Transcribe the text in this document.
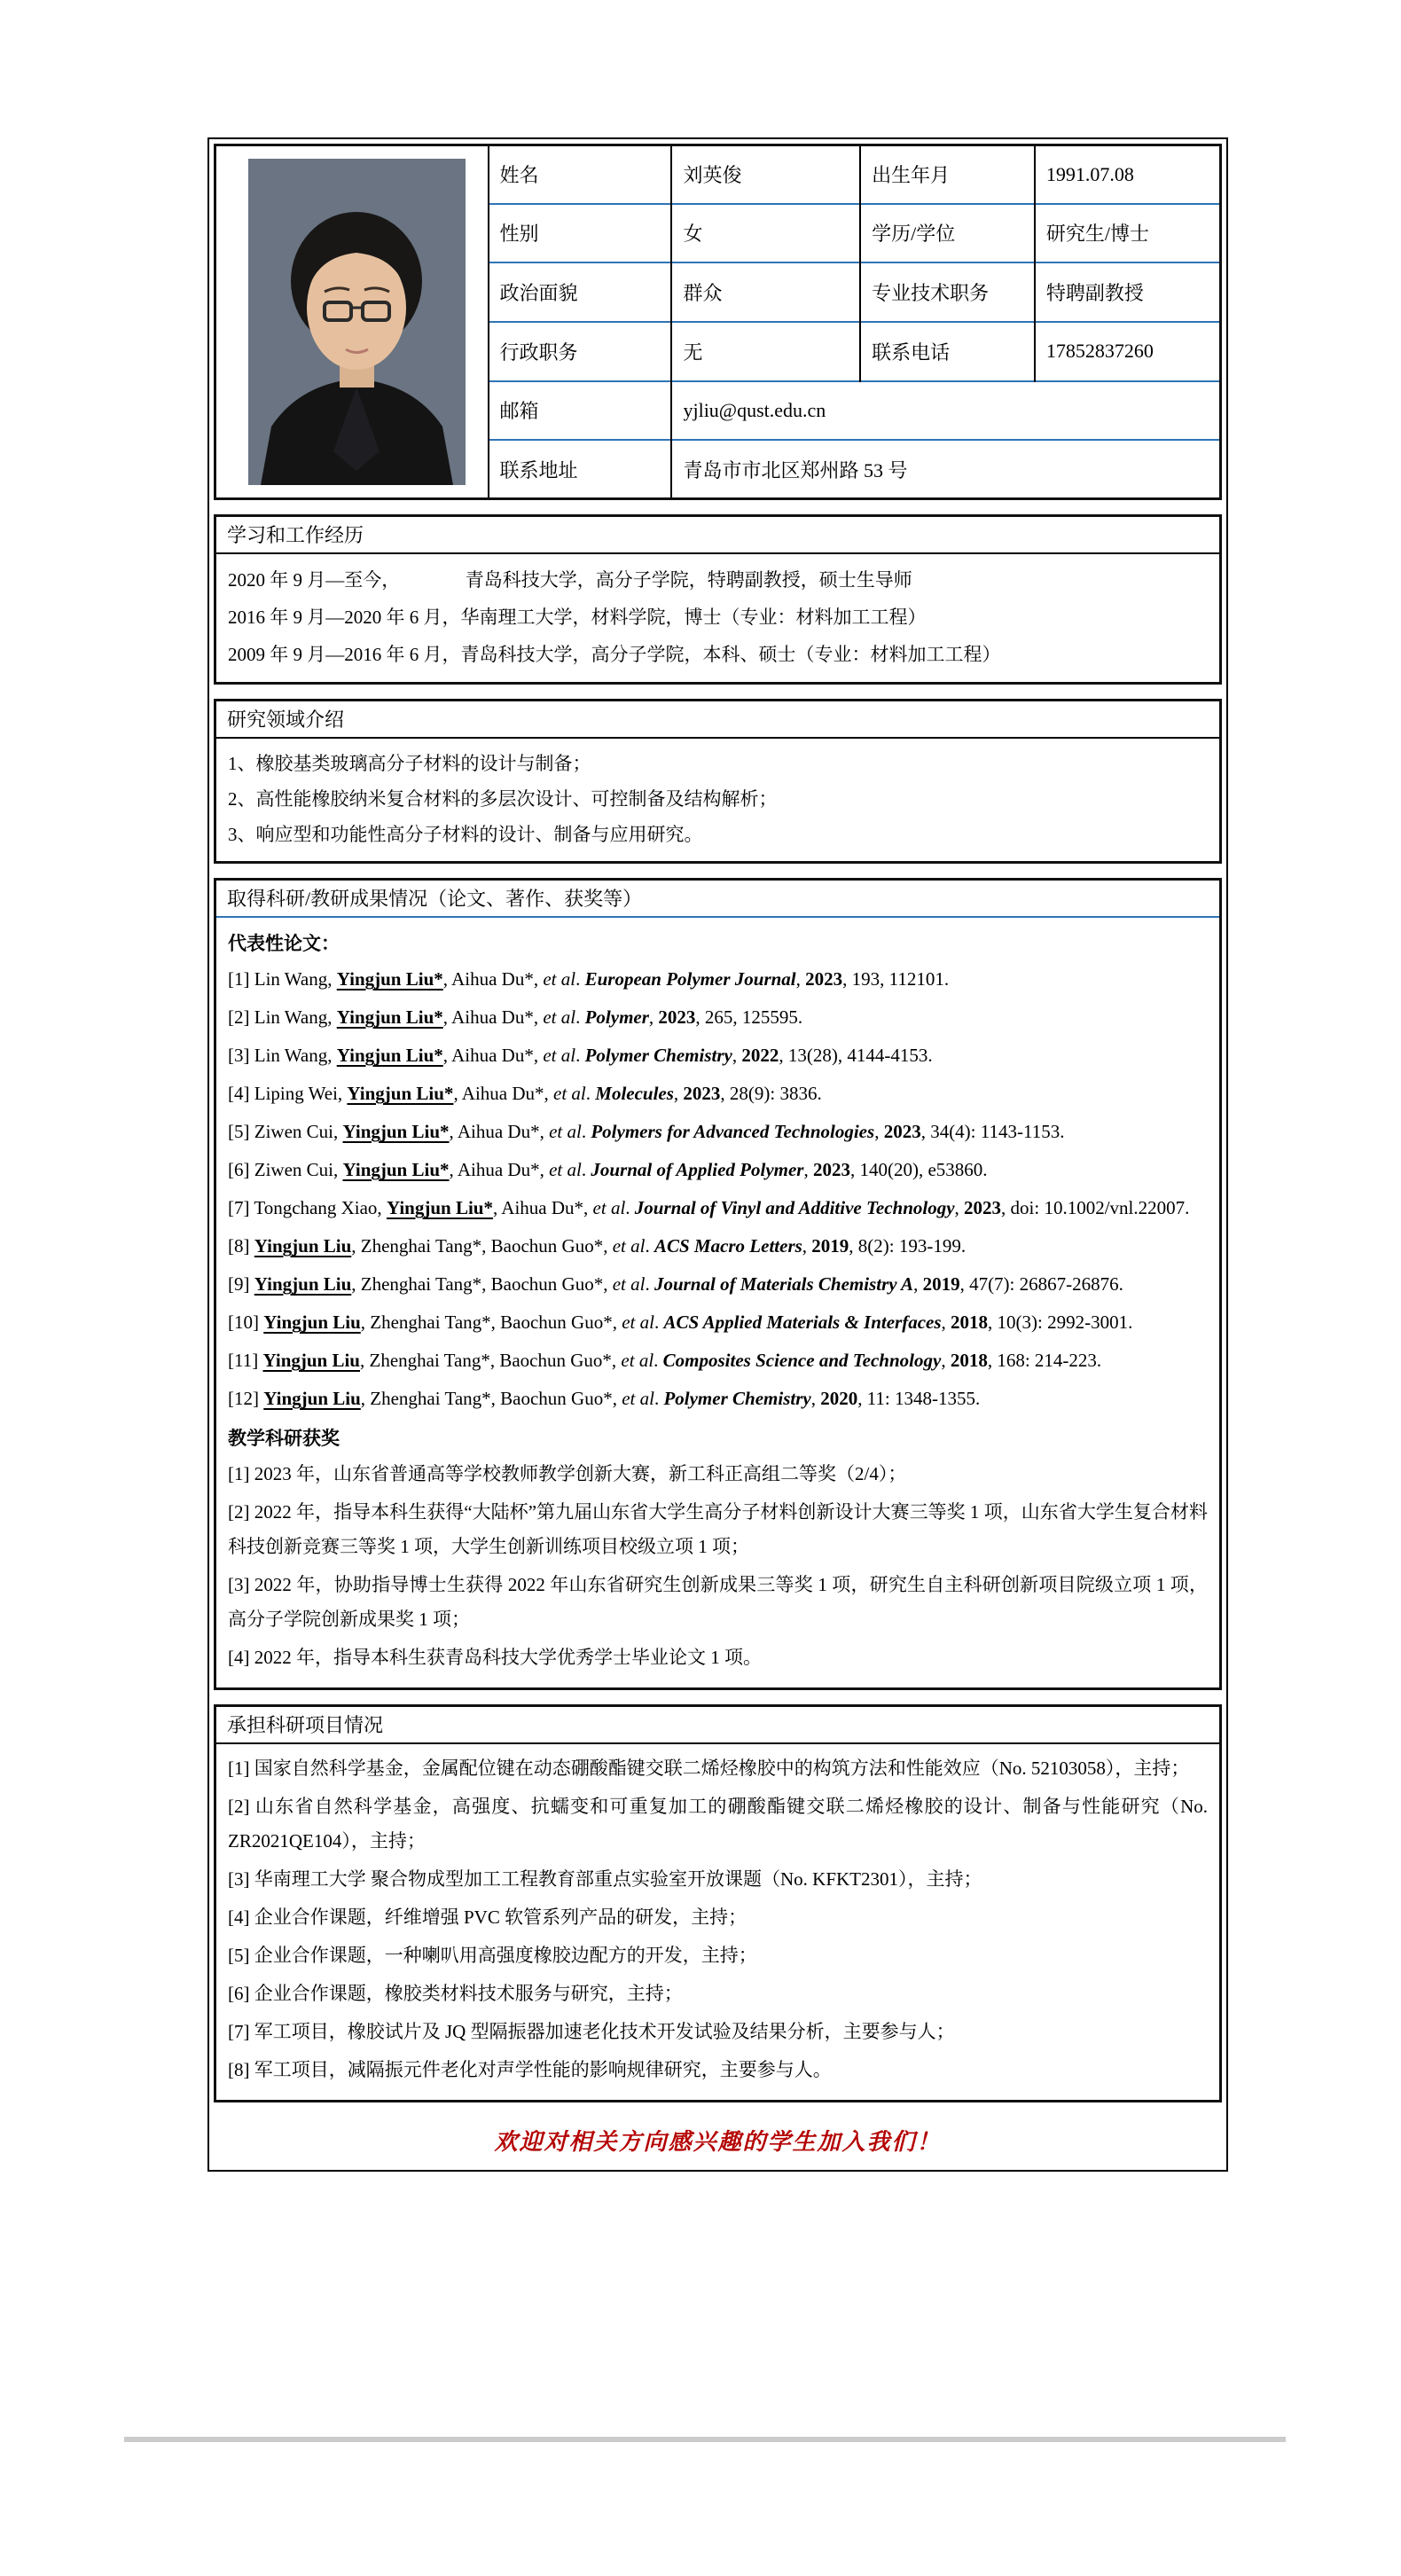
	姓名	刘英俊	出生年月	1991.07.08
	性别	女	学历/学位	研究生/博士
	政治面貌	群众	专业技术职务	特聘副教授
	行政职务	无	联系电话	17852837260
	邮箱	yjliu@qust.edu.cn		
	联系地址	青岛市市北区郑州路 53 号		
学习和工作经历

2020 年 9 月—至今，　　　　青岛科技大学，高分子学院，特聘副教授，硕士生导师

2016 年 9 月—2020 年 6 月，华南理工大学，材料学院，博士（专业：材料加工工程）

2009 年 9 月—2016 年 6 月，青岛科技大学，高分子学院，本科、硕士（专业：材料加工工程）

研究领域介绍

1、橡胶基类玻璃高分子材料的设计与制备；

2、高性能橡胶纳米复合材料的多层次设计、可控制备及结构解析；

3、响应型和功能性高分子材料的设计、制备与应用研究。

取得科研/教研成果情况（论文、著作、获奖等）

代表性论文：

[1] Lin Wang, Yingjun Liu*, Aihua Du*, et al. European Polymer Journal, 2023, 193, 112101.

[2] Lin Wang, Yingjun Liu*, Aihua Du*, et al. Polymer, 2023, 265, 125595.

[3] Lin Wang, Yingjun Liu*, Aihua Du*, et al. Polymer Chemistry, 2022, 13(28), 4144-4153.

[4] Liping Wei, Yingjun Liu*, Aihua Du*, et al. Molecules, 2023, 28(9): 3836.

[5] Ziwen Cui, Yingjun Liu*, Aihua Du*, et al. Polymers for Advanced Technologies, 2023, 34(4): 1143-1153.

[6] Ziwen Cui, Yingjun Liu*, Aihua Du*, et al. Journal of Applied Polymer, 2023, 140(20), e53860.

[7] Tongchang Xiao, Yingjun Liu*, Aihua Du*, et al. Journal of Vinyl and Additive Technology, 2023, doi: 10.1002/vnl.22007.

[8] Yingjun Liu, Zhenghai Tang*, Baochun Guo*, et al. ACS Macro Letters, 2019, 8(2): 193-199.

[9] Yingjun Liu, Zhenghai Tang*, Baochun Guo*, et al. Journal of Materials Chemistry A, 2019, 47(7): 26867-26876.

[10] Yingjun Liu, Zhenghai Tang*, Baochun Guo*, et al. ACS Applied Materials & Interfaces, 2018, 10(3): 2992-3001.

[11] Yingjun Liu, Zhenghai Tang*, Baochun Guo*, et al. Composites Science and Technology, 2018, 168: 214-223.

[12] Yingjun Liu, Zhenghai Tang*, Baochun Guo*, et al. Polymer Chemistry, 2020, 11: 1348-1355.

教学科研获奖

[1] 2023 年，山东省普通高等学校教师教学创新大赛，新工科正高组二等奖（2/4）；

[2] 2022 年，指导本科生获得“大陆杯”第九届山东省大学生高分子材料创新设计大赛三等奖 1 项，山东省大学生复合材料科技创新竞赛三等奖 1 项，大学生创新训练项目校级立项 1 项；

[3] 2022 年，协助指导博士生获得 2022 年山东省研究生创新成果三等奖 1 项，研究生自主科研创新项目院级立项 1 项，高分子学院创新成果奖 1 项；

[4] 2022 年，指导本科生获青岛科技大学优秀学士毕业论文 1 项。

承担科研项目情况

[1] 国家自然科学基金，金属配位键在动态硼酸酯键交联二烯烃橡胶中的构筑方法和性能效应（No. 52103058），主持；

[2] 山东省自然科学基金，高强度、抗蠕变和可重复加工的硼酸酯键交联二烯烃橡胶的设计、制备与性能研究（No. ZR2021QE104），主持；

[3] 华南理工大学 聚合物成型加工工程教育部重点实验室开放课题（No. KFKT2301），主持；

[4] 企业合作课题，纤维增强 PVC 软管系列产品的研发，主持；

[5] 企业合作课题，一种喇叭用高强度橡胶边配方的开发，主持；

[6] 企业合作课题，橡胶类材料技术服务与研究，主持；

[7] 军工项目，橡胶试片及 JQ 型隔振器加速老化技术开发试验及结果分析，主要参与人；

[8] 军工项目，减隔振元件老化对声学性能的影响规律研究，主要参与人。

欢迎对相关方向感兴趣的学生加入我们！
